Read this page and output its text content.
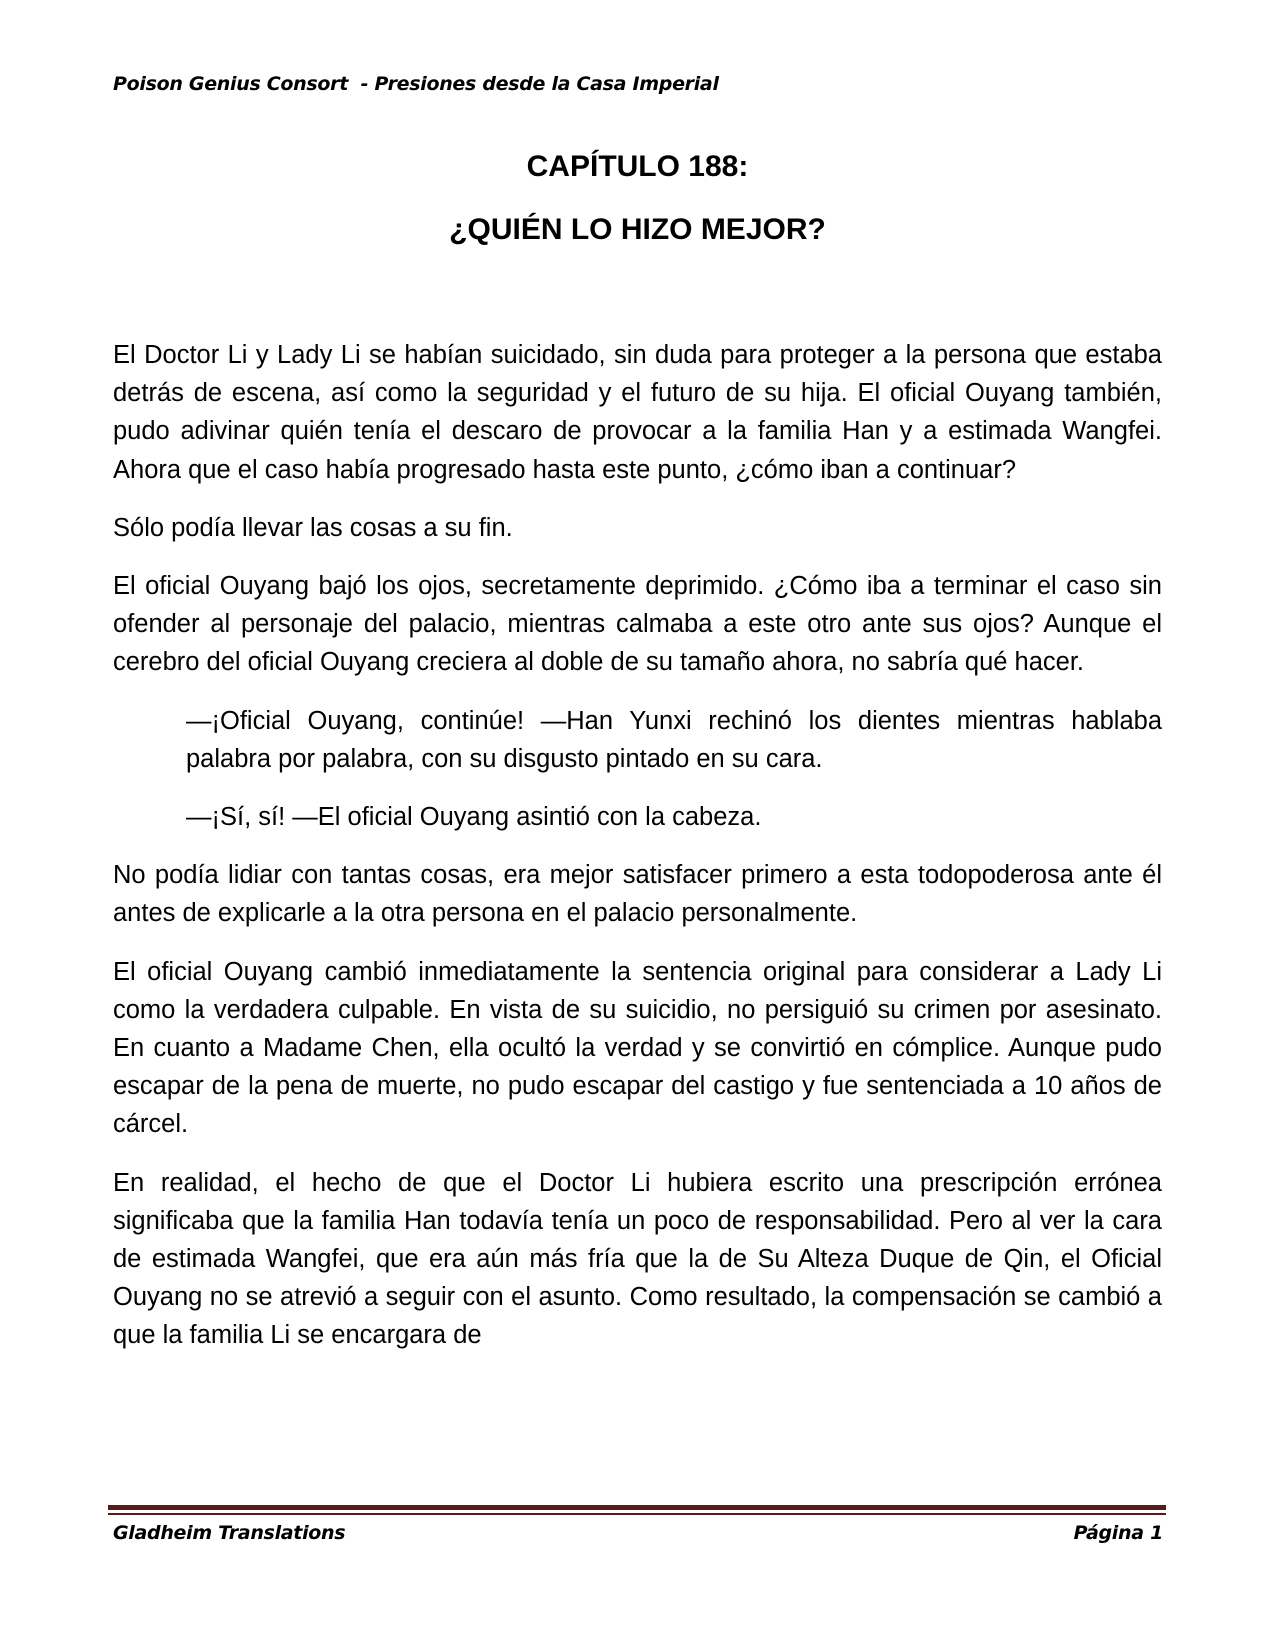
Poison Genius Consort  - Presiones desde la Casa Imperial
CAPÍTULO 188:
¿QUIÉN LO HIZO MEJOR?

El Doctor Li y Lady Li se habían suicidado, sin duda para proteger a la persona que estaba detrás de escena, así como la seguridad y el futuro de su hija. El oficial Ouyang también, pudo adivinar quién tenía el descaro de provocar a la familia Han y a estimada Wangfei. Ahora que el caso había progresado hasta este punto, ¿cómo iban a continuar?

Sólo podía llevar las cosas a su fin.

El oficial Ouyang bajó los ojos, secretamente deprimido. ¿Cómo iba a terminar el caso sin ofender al personaje del palacio, mientras calmaba a este otro ante sus ojos? Aunque el cerebro del oficial Ouyang creciera al doble de su tamaño ahora, no sabría qué hacer.

—¡Oficial Ouyang, continúe! —Han Yunxi rechinó los dientes mientras hablaba palabra por palabra, con su disgusto pintado en su cara.

—¡Sí, sí! —El oficial Ouyang asintió con la cabeza.

No podía lidiar con tantas cosas, era mejor satisfacer primero a esta todopoderosa ante él antes de explicarle a la otra persona en el palacio personalmente.

El oficial Ouyang cambió inmediatamente la sentencia original para considerar a Lady Li como la verdadera culpable. En vista de su suicidio, no persiguió su crimen por asesinato. En cuanto a Madame Chen, ella ocultó la verdad y se convirtió en cómplice. Aunque pudo escapar de la pena de muerte, no pudo escapar del castigo y fue sentenciada a 10 años de cárcel.

En realidad, el hecho de que el Doctor Li hubiera escrito una prescripción errónea significaba que la familia Han todavía tenía un poco de responsabilidad. Pero al ver la cara de estimada Wangfei, que era aún más fría que la de Su Alteza Duque de Qin, el Oficial Ouyang no se atrevió a seguir con el asunto. Como resultado, la compensación se cambió a que la familia Li se encargara de

Gladheim Translations	Página 1
